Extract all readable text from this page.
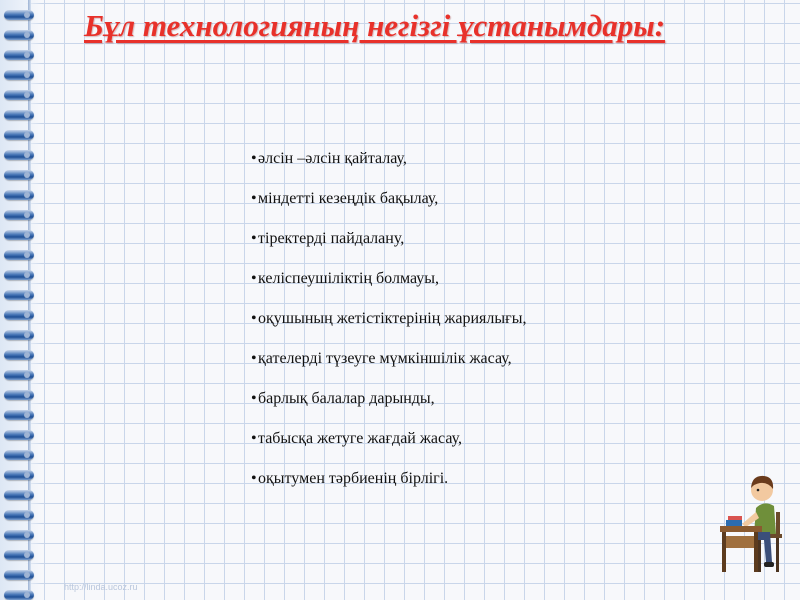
Бұл технологияның негізгі ұстанымдары:
•әлсін –әлсін қайталау,
•міндетті кезеңдік бақылау,
•тіректерді пайдалану,
•келіспеушіліктің болмауы,
•оқушының жетістіктерінің жариялығы,
•қателерді түзеуге мүмкіншілік жасау,
•барлық балалар дарынды,
•табысқа жетуге жағдай жасау,
•оқытумен тәрбиенің бірлігі.
http://linda.ucoz.ru
